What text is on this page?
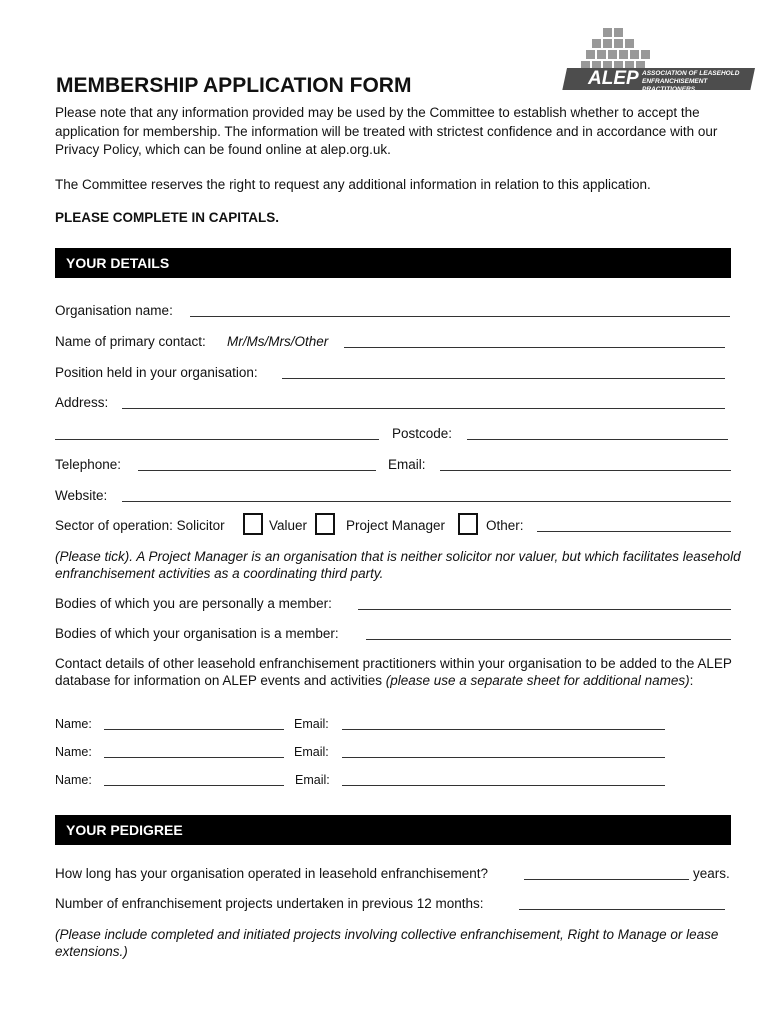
ALEP ASSOCIATION OF LEASEHOLD
ENFRANCHISEMENT PRACTITIONERS
MEMBERSHIP APPLICATION FORM
Please note that any information provided may be used by the Committee to establish whether to accept the application for membership. The information will be treated with strictest confidence and in accordance with our Privacy Policy, which can be found online at alep.org.uk.
The Committee reserves the right to request any additional information in relation to this application.
PLEASE COMPLETE IN CAPITALS.
YOUR DETAILS
Organisation name:
Name of primary contact: Mr/Ms/Mrs/Other
Position held in your organisation:
Address:
Postcode:
Telephone:	Email:
Website:
Sector of operation: Solicitor	Valuer	Project Manager	Other:
(Please tick). A Project Manager is an organisation that is neither solicitor nor valuer, but which facilitates leasehold enfranchisement activities as a coordinating third party.
Bodies of which you are personally a member:
Bodies of which your organisation is a member:
Contact details of other leasehold enfranchisement practitioners within your organisation to be added to the ALEP database for information on ALEP events and activities (please use a separate sheet for additional names):
Name:	Email:
Name:	Email:
Name:	Email:
YOUR PEDIGREE
How long has your organisation operated in leasehold enfranchisement?	years.
Number of enfranchisement projects undertaken in previous 12 months:
(Please include completed and initiated projects involving collective enfranchisement, Right to Manage or lease extensions.)
